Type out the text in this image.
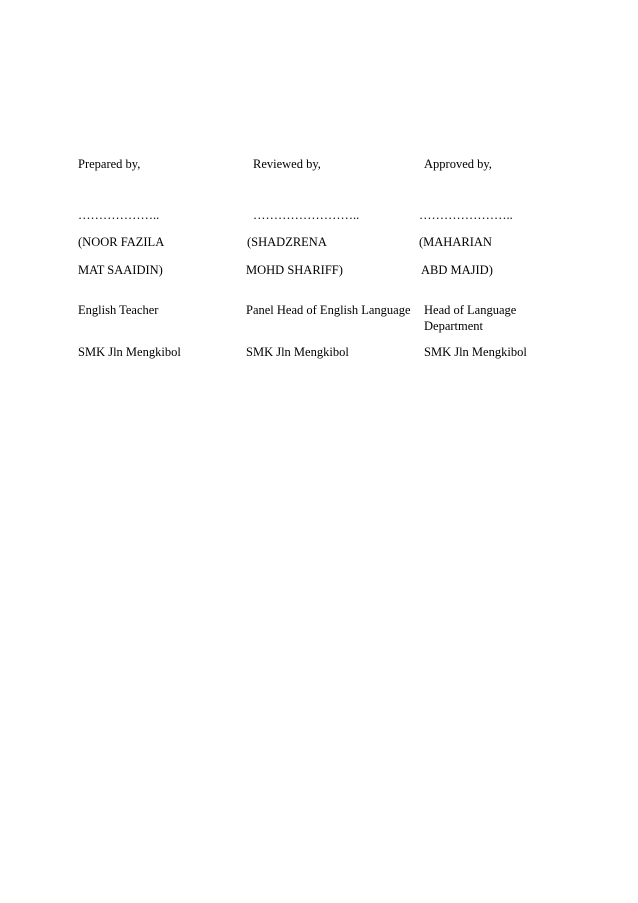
Prepared by,
………………..
(NOOR FAZILA
MAT SAAIDIN)
English Teacher
SMK Jln Mengkibol
Reviewed by,
……………………..
(SHADZRENA
MOHD SHARIFF)
Panel Head of English Language
SMK Jln Mengkibol
Approved by,
…………………..
(MAHARIAN
ABD MAJID)
Head of Language Department
SMK Jln Mengkibol
